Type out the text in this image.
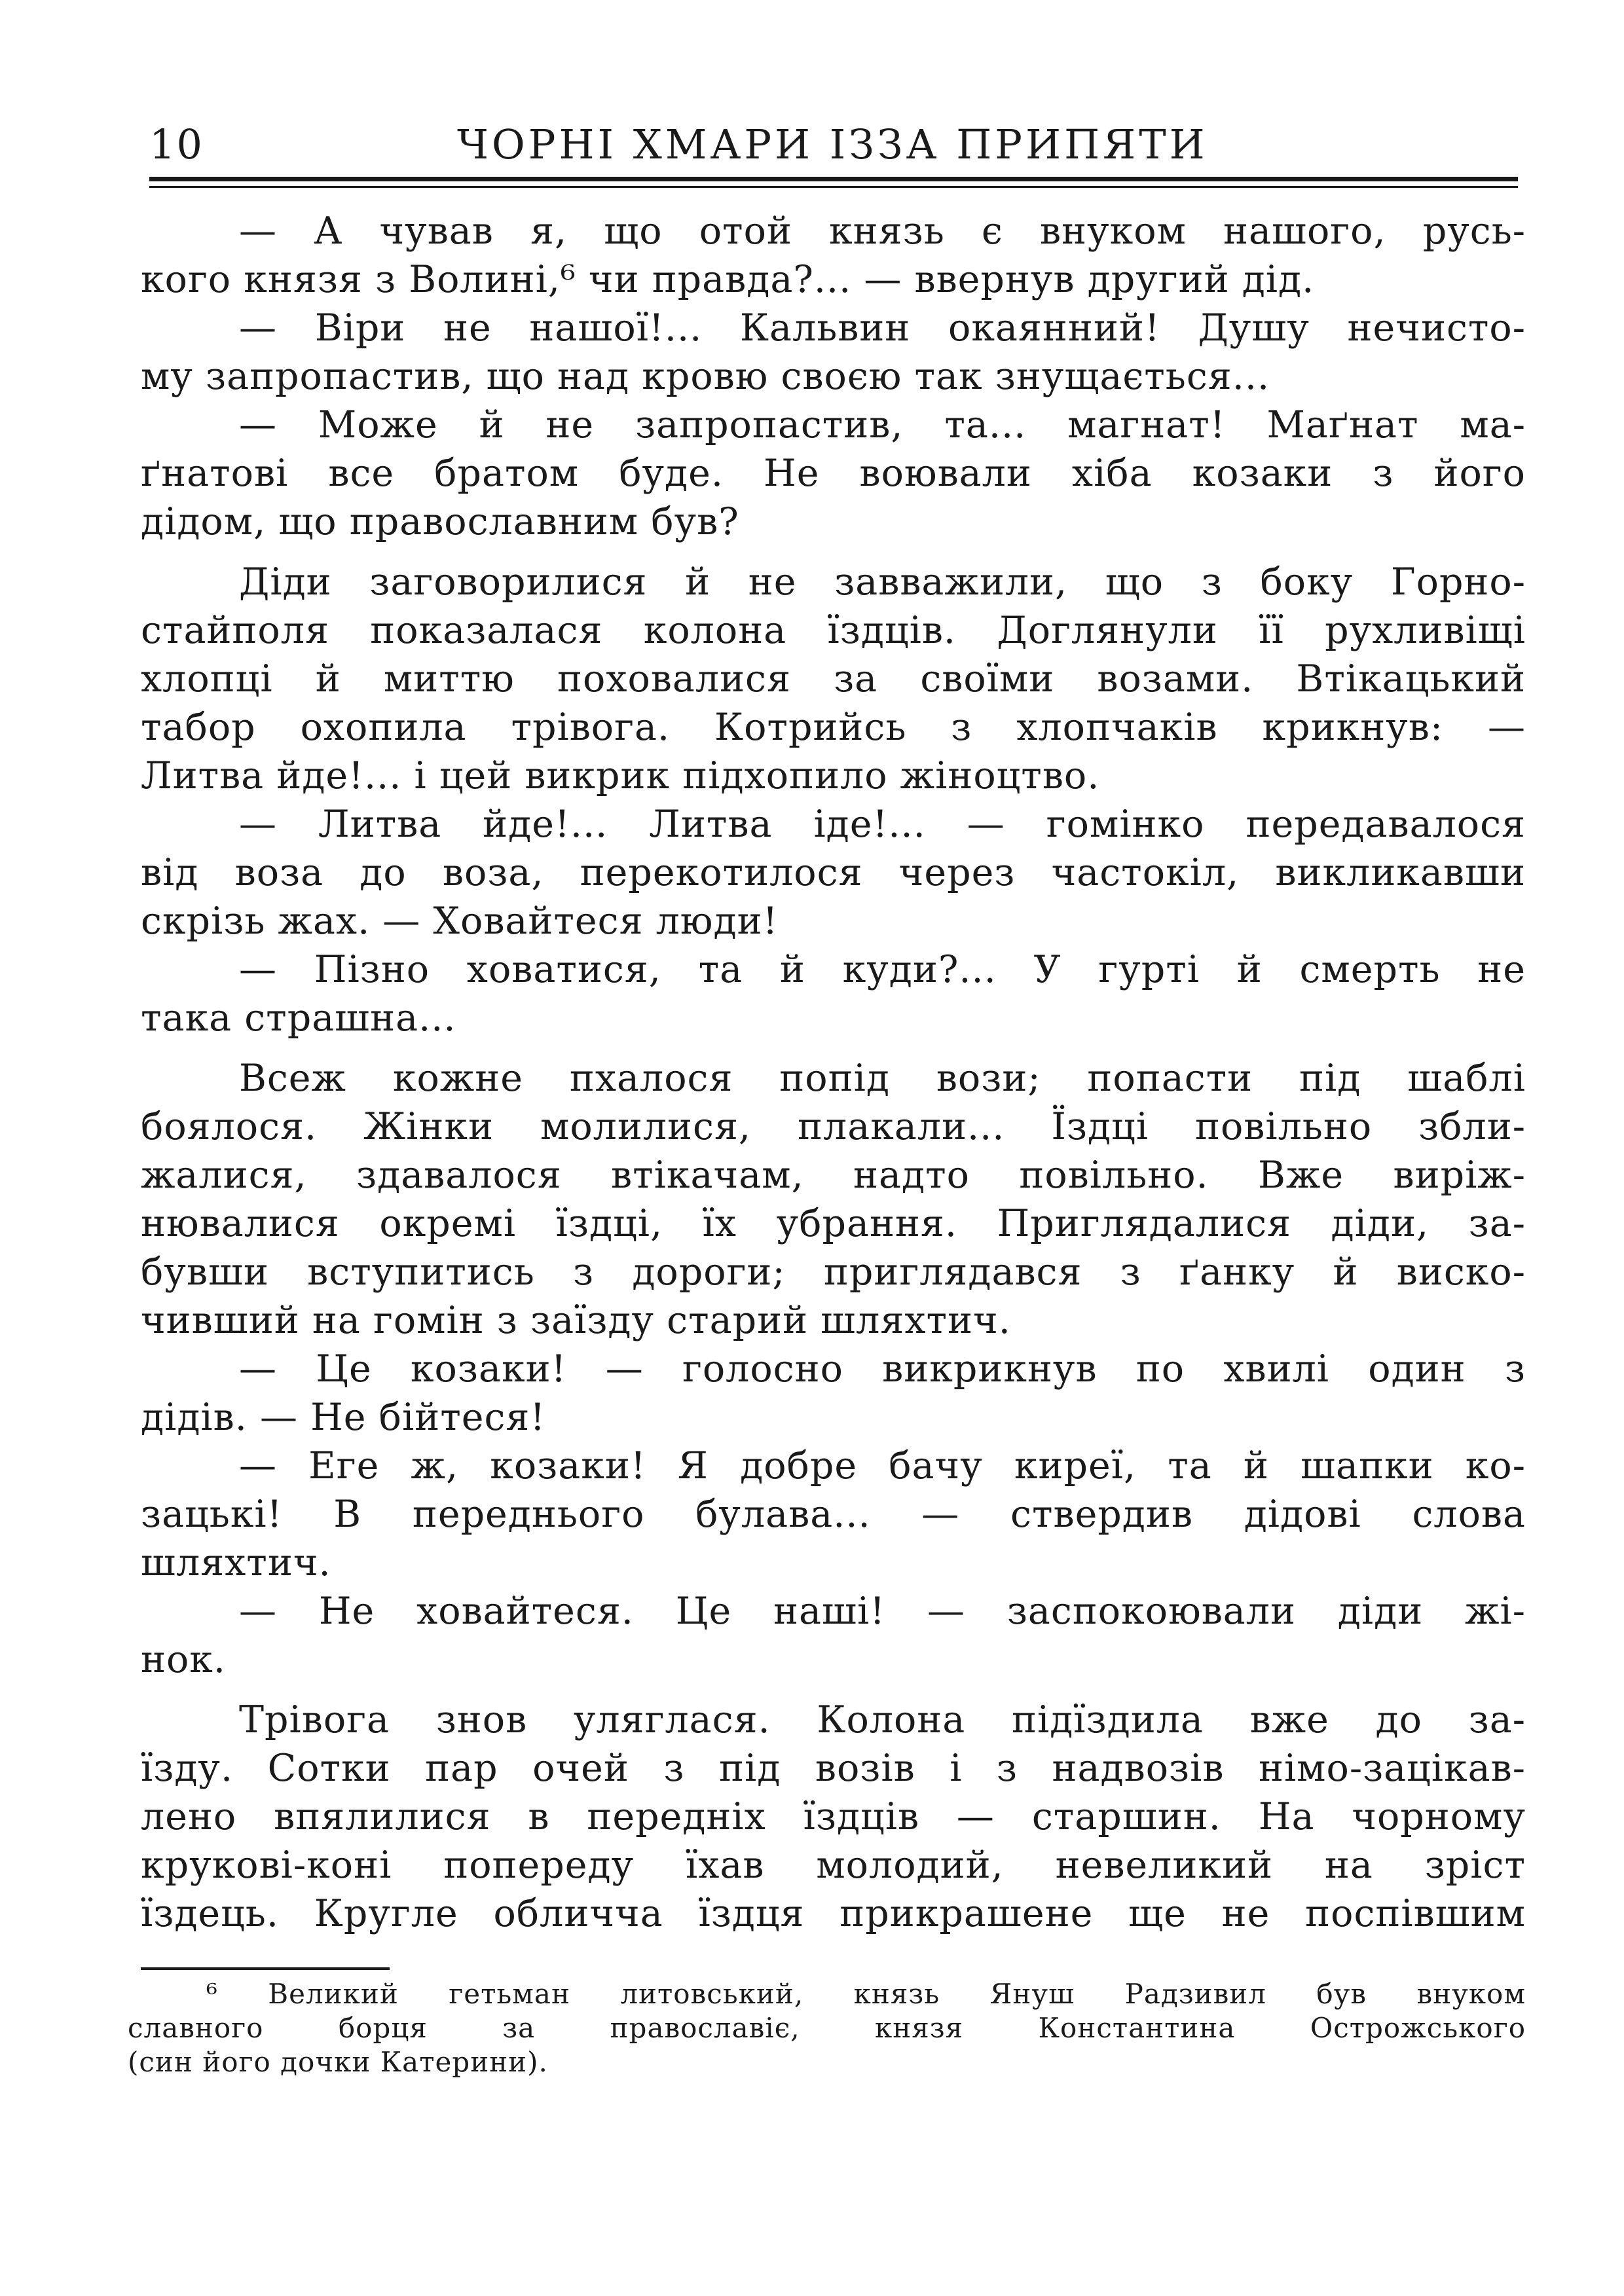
10	ЧОРНІ ХМАРИ ІЗЗА ПРИПЯТИ
— А чував я, що отой князь є внуком нашого, русь-
кого князя з Волині,⁶ чи правда?... — ввернув другий дід.
— Віри не нашої!... Кальвин окаянний! Душу нечисто-
му запропастив, що над кровю своєю так знущається...
— Може й не запропастив, та... магнат! Маґнат ма-
ґнатові все братом буде. Не воювали хіба козаки з його
дідом, що православним був?
Діди заговорилися й не завважили, що з боку Горно-
стайполя показалася колона їздців. Доглянули її рухливіщі
хлопці й миттю поховалися за своїми возами. Втікацький
табор охопила трівога. Котрийсь з хлопчаків крикнув: —
Литва йде!... і цей викрик підхопило жіноцтво.
— Литва йде!... Литва іде!... — гомінко передавалося
від воза до воза, перекотилося через частокіл, викликавши
скрізь жах. — Ховайтеся люди!
— Пізно ховатися, та й куди?... У гурті й смерть не
така страшна...
Всеж кожне пхалося попід вози; попасти під шаблі
боялося. Жінки молилися, плакали... Їздці повільно збли-
жалися, здавалося втікачам, надто повільно. Вже виріж-
нювалися окремі їздці, їх убрання. Приглядалися діди, за-
бувши вступитись з дороги; приглядався з ґанку й виско-
чивший на гомін з заїзду старий шляхтич.
— Це козаки! — голосно викрикнув по хвилі один з
дідів. — Не бійтеся!
— Еге ж, козаки! Я добре бачу киреї, та й шапки ко-
зацькі! В переднього булава... — ствердив дідові слова
шляхтич.
— Не ховайтеся. Це наші! — заспокоювали діди жі-
нок.
Трівога знов уляглася. Колона підїздила вже до за-
їзду. Сотки пар очей з під возів і з надвозів німо-зацікав-
лено впялилися в передніх їздців — старшин. На чорному
крукові-коні попереду їхав молодий, невеликий на зріст
їздець. Кругле обличча їздця прикрашене ще не поспівшим
⁶ Великий гетьман литовський, князь Януш Радзивил був внуком
славного борця за православіє, князя Константина Острожського
(син його дочки Катерини).
